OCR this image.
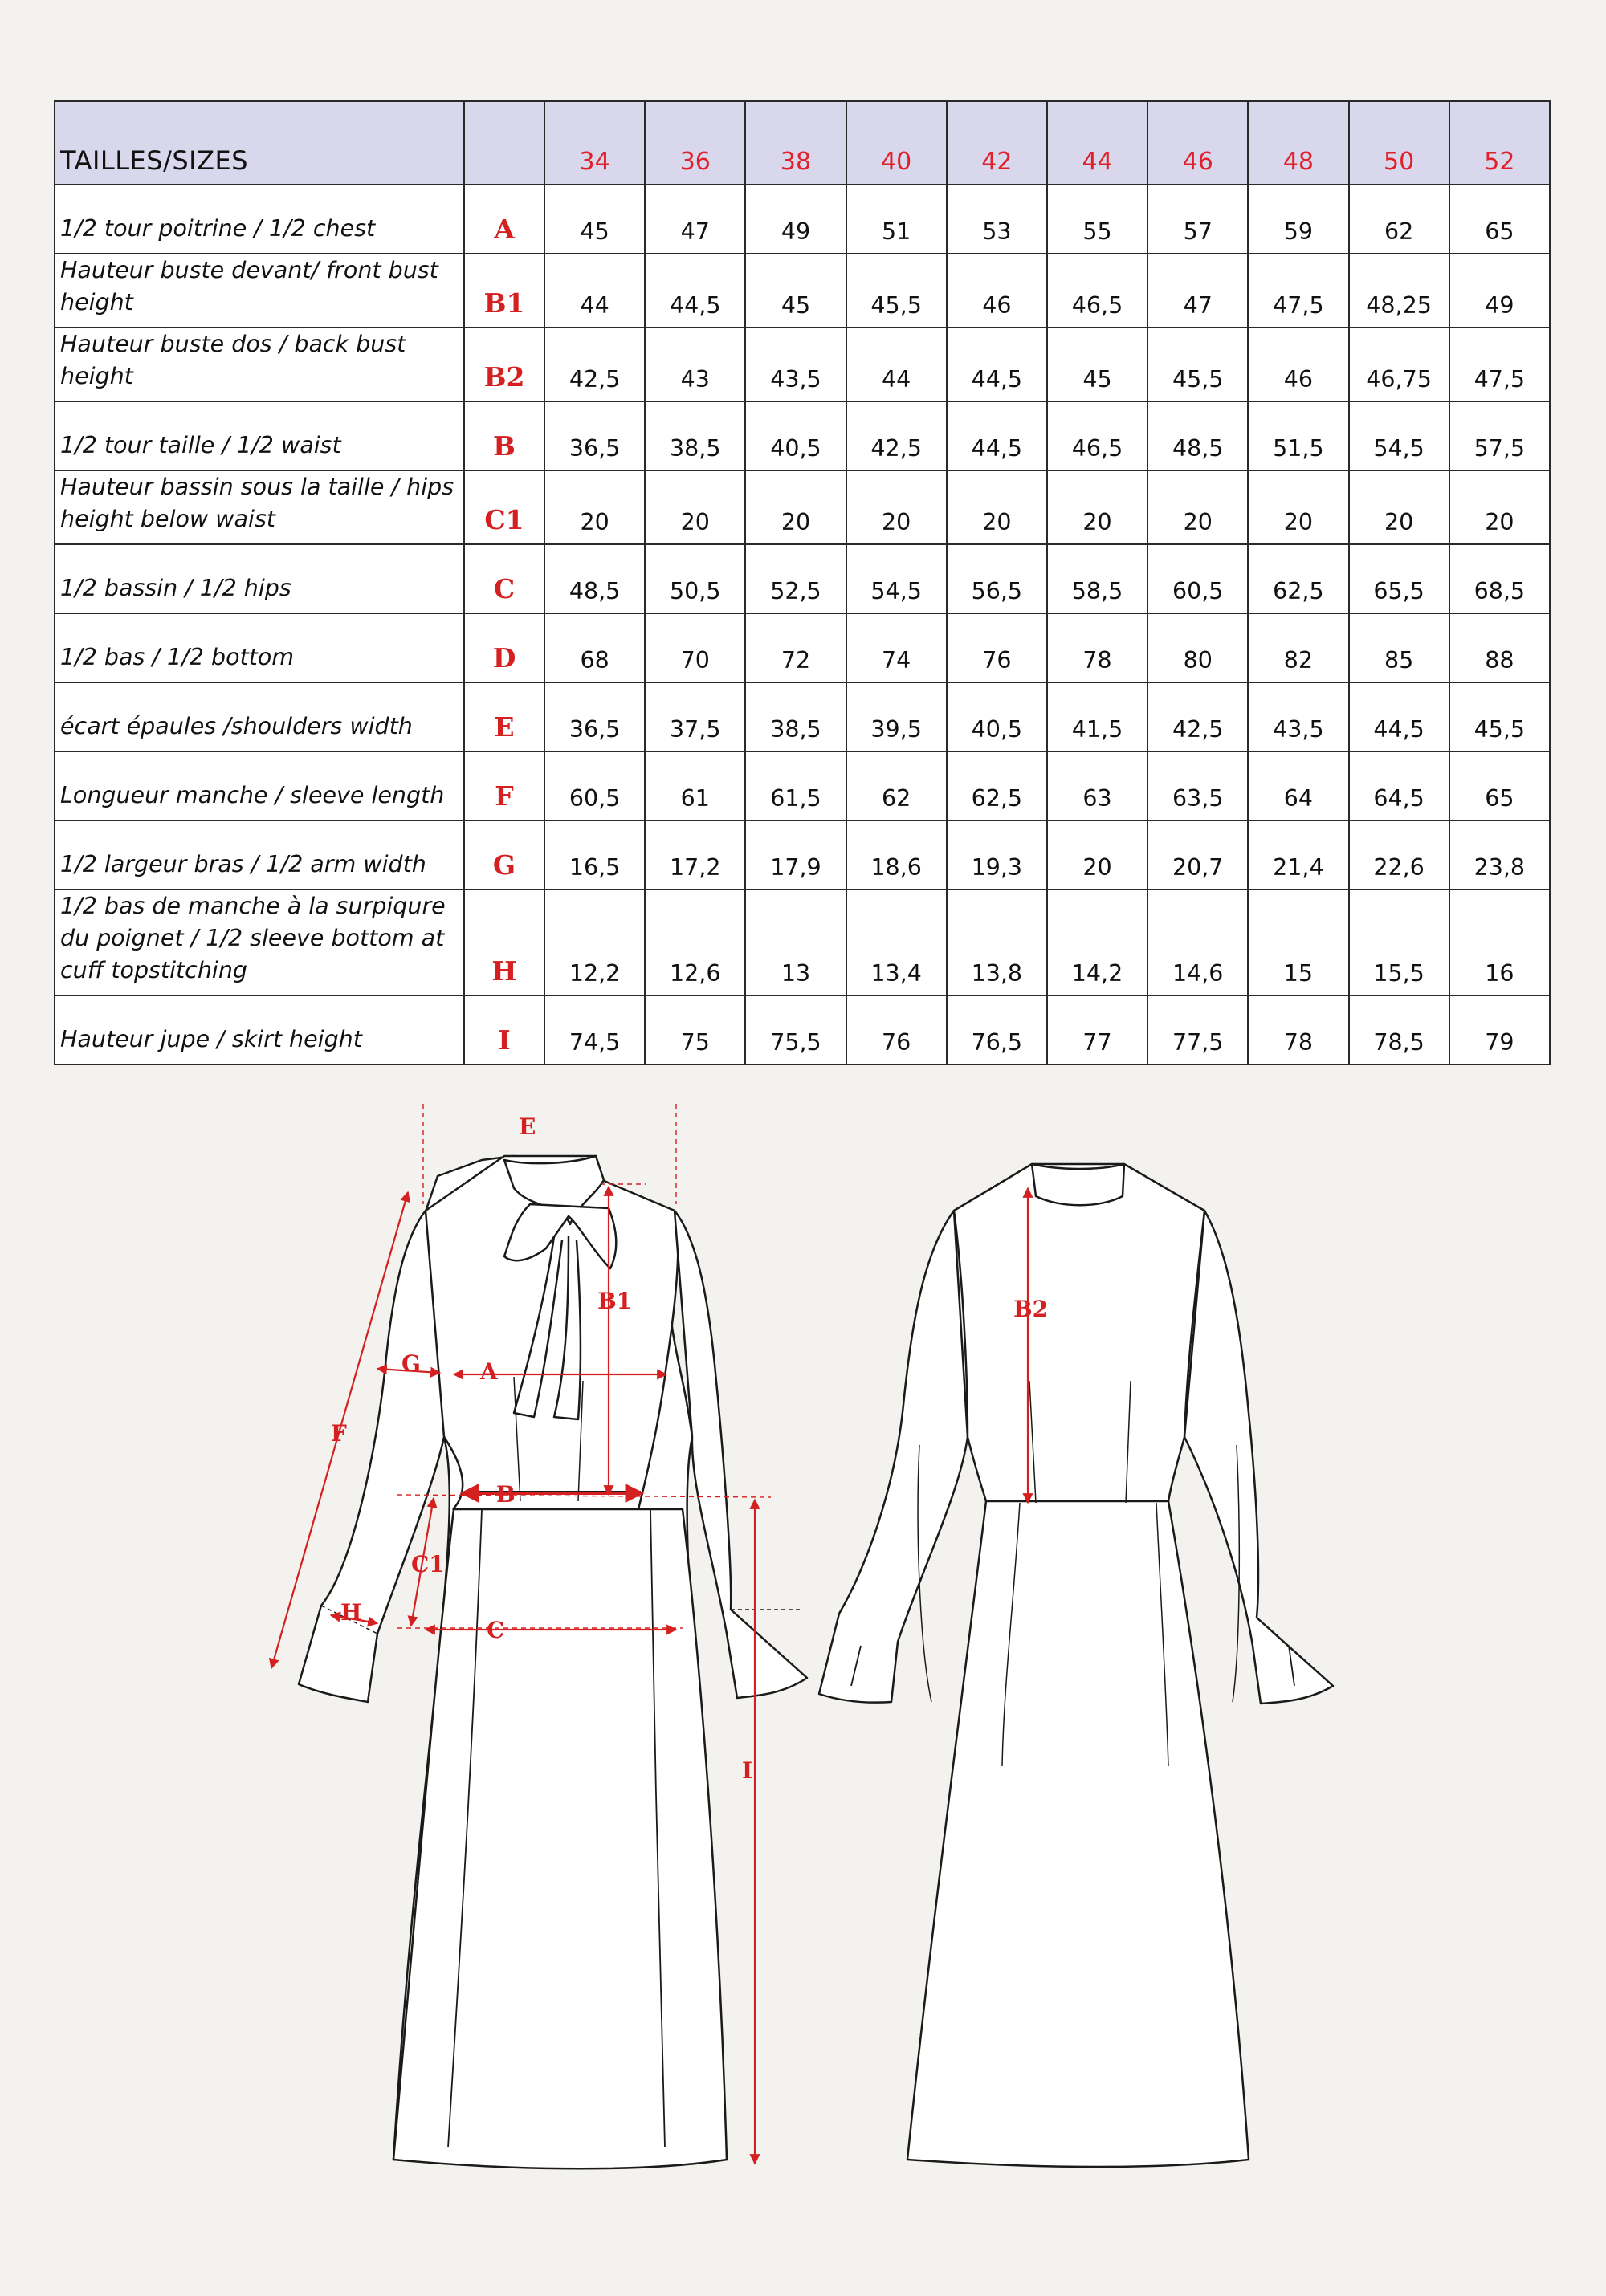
TAILLES/SIZES		34	36	38	40	42	44	46	48	50	52
1/2 tour poitrine / 1/2 chest	A	45	47	49	51	53	55	57	59	62	65
Hauteur buste devant/ front bust height	B1	44	44,5	45	45,5	46	46,5	47	47,5	48,25	49
Hauteur buste dos / back bust height	B2	42,5	43	43,5	44	44,5	45	45,5	46	46,75	47,5
1/2 tour taille / 1/2 waist	B	36,5	38,5	40,5	42,5	44,5	46,5	48,5	51,5	54,5	57,5
Hauteur bassin sous la taille / hips height below waist	C1	20	20	20	20	20	20	20	20	20	20
1/2 bassin / 1/2 hips	C	48,5	50,5	52,5	54,5	56,5	58,5	60,5	62,5	65,5	68,5
1/2 bas / 1/2 bottom	D	68	70	72	74	76	78	80	82	85	88
écart épaules /shoulders width	E	36,5	37,5	38,5	39,5	40,5	41,5	42,5	43,5	44,5	45,5
Longueur manche / sleeve length	F	60,5	61	61,5	62	62,5	63	63,5	64	64,5	65
1/2 largeur bras / 1/2 arm width	G	16,5	17,2	17,9	18,6	19,3	20	20,7	21,4	22,6	23,8
1/2 bas de manche à la surpiqure du poignet / 1/2 sleeve bottom at cuff topstitching	H	12,2	12,6	13	13,4	13,8	14,2	14,6	15	15,5	16
Hauteur jupe / skirt height	I	74,5	75	75,5	76	76,5	77	77,5	78	78,5	79
E
B1
G	A
F
B
C1
H
C
I
B2
